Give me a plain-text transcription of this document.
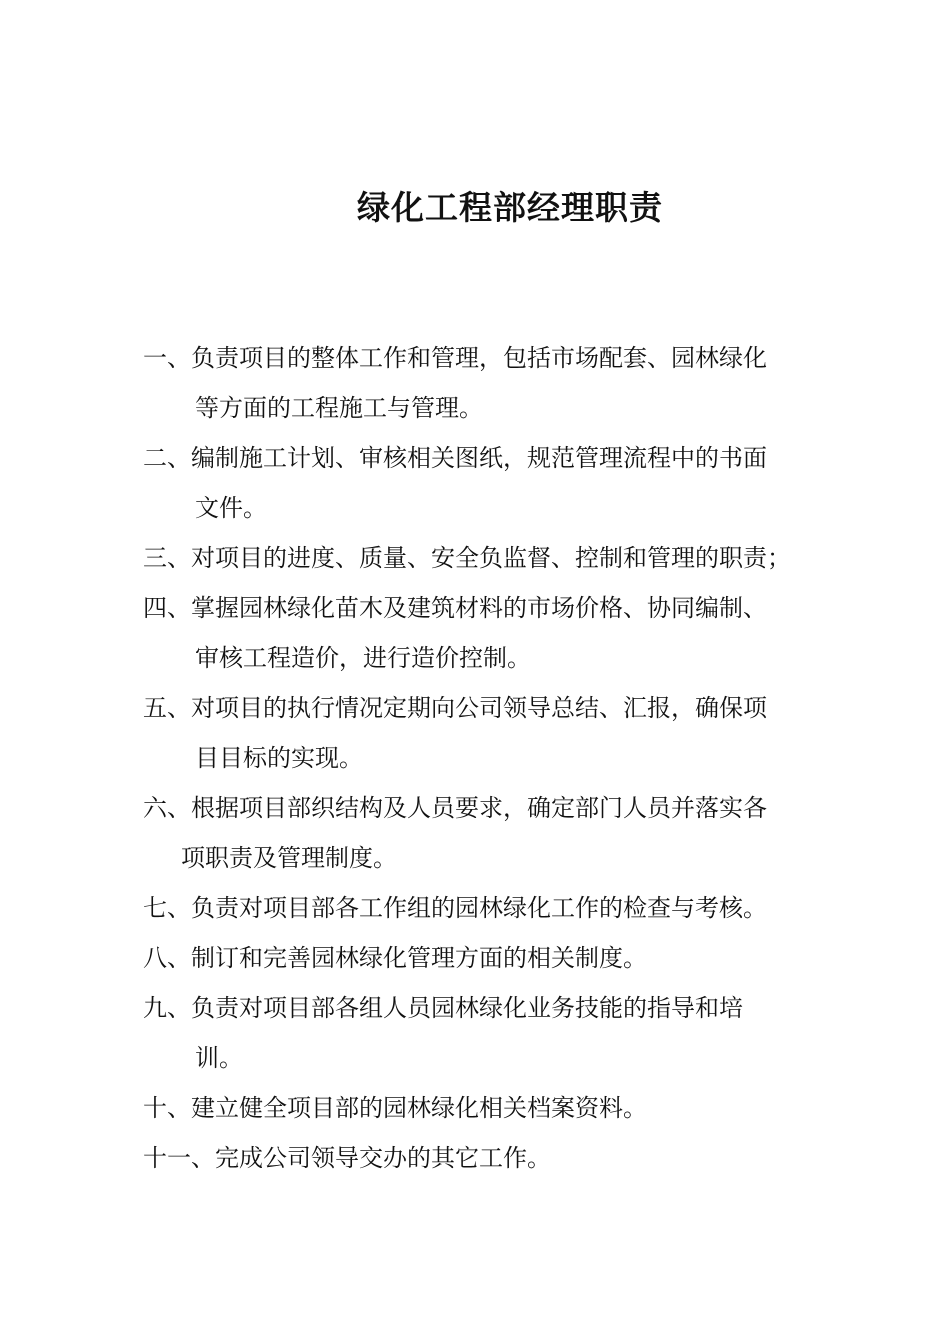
绿化工程部经理职责
一、负责项目的整体工作和管理，包括市场配套、园林绿化
等方面的工程施工与管理。
二、编制施工计划、审核相关图纸，规范管理流程中的书面
文件。
三、对项目的进度、质量、安全负监督、控制和管理的职责；
四、掌握园林绿化苗木及建筑材料的市场价格、协同编制、
审核工程造价，进行造价控制。
五、对项目的执行情况定期向公司领导总结、汇报，确保项
目目标的实现。
六、根据项目部织结构及人员要求，确定部门人员并落实各
项职责及管理制度。
七、负责对项目部各工作组的园林绿化工作的检查与考核。
八、制订和完善园林绿化管理方面的相关制度。
九、负责对项目部各组人员园林绿化业务技能的指导和培
训。
十、建立健全项目部的园林绿化相关档案资料。
十一、完成公司领导交办的其它工作。
